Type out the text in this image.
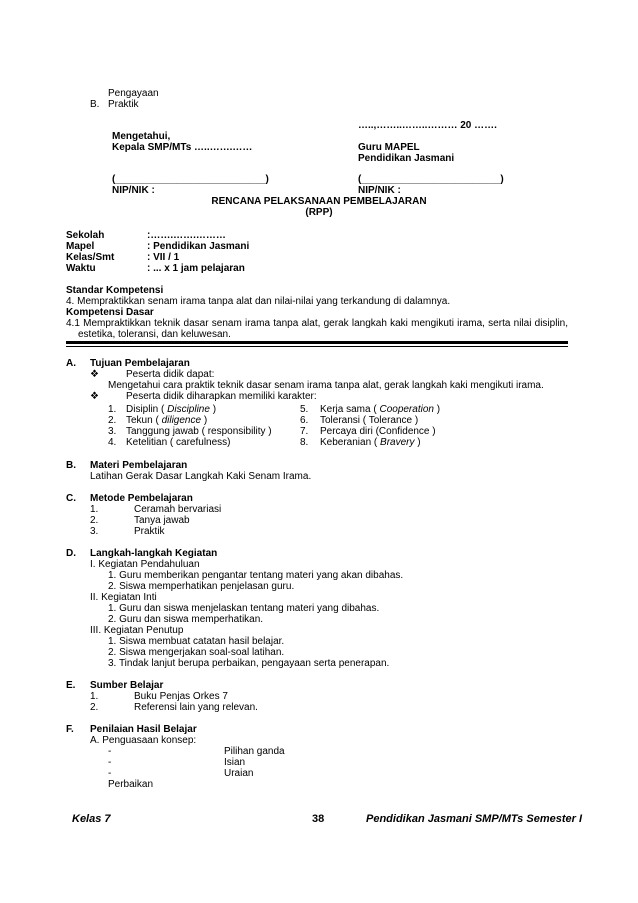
Pengayaan
B. Praktik
…..,……..……..……… 20 …….
Mengetahui,
Kepala SMP/MTs …..…….……	Guru MAPEL
Pendidikan Jasmani
(___________________________)	(_________________________)
NIP/NIK :	NIP/NIK :
RENCANA PELAKSANAAN PEMBELAJARAN
(RPP)
Sekolah	:…….…….………
Mapel	: Pendidikan Jasmani
Kelas/Smt	: VII / 1
Waktu	: ... x 1 jam pelajaran
Standar Kompetensi
4. Mempraktikkan senam irama tanpa alat dan nilai-nilai yang terkandung di dalamnya.
Kompetensi Dasar
4.1 Mempraktikkan teknik dasar senam irama tanpa alat, gerak langkah kaki mengikuti irama, serta nilai disiplin,
estetika, toleransi, dan keluwesan.
A. Tujuan Pembelajaran
❖	Peserta didik dapat:
Mengetahui cara praktik teknik dasar senam irama tanpa alat, gerak langkah kaki mengikuti irama.
❖	Peserta didik diharapkan memiliki karakter:
1. Disiplin ( Discipline )
2. Tekun ( diligence )
3. Tanggung jawab ( responsibility )
4. Ketelitian ( carefulness)
5. Kerja sama ( Cooperation )
6. Toleransi ( Tolerance )
7. Percaya diri (Confidence )
8. Keberanian ( Bravery )
B. Materi Pembelajaran
Latihan Gerak Dasar Langkah Kaki Senam Irama.
C. Metode Pembelajaran
1.	Ceramah bervariasi
2.	Tanya jawab
3.	Praktik
D. Langkah-langkah Kegiatan
I. Kegiatan Pendahuluan
1. Guru memberikan pengantar tentang materi yang akan dibahas.
2. Siswa memperhatikan penjelasan guru.
II. Kegiatan Inti
1. Guru dan siswa menjelaskan tentang materi yang dibahas.
2. Guru dan siswa memperhatikan.
III. Kegiatan Penutup
1. Siswa membuat catatan hasil belajar.
2. Siswa mengerjakan soal-soal latihan.
3. Tindak lanjut berupa perbaikan, pengayaan serta penerapan.
E. Sumber Belajar
1.	Buku Penjas Orkes 7
2.	Referensi lain yang relevan.
F. Penilaian Hasil Belajar
A. Penguasaan konsep:
-	Pilihan ganda
-	Isian
-	Uraian
Perbaikan
Kelas 7	38	Pendidikan Jasmani SMP/MTs Semester I
